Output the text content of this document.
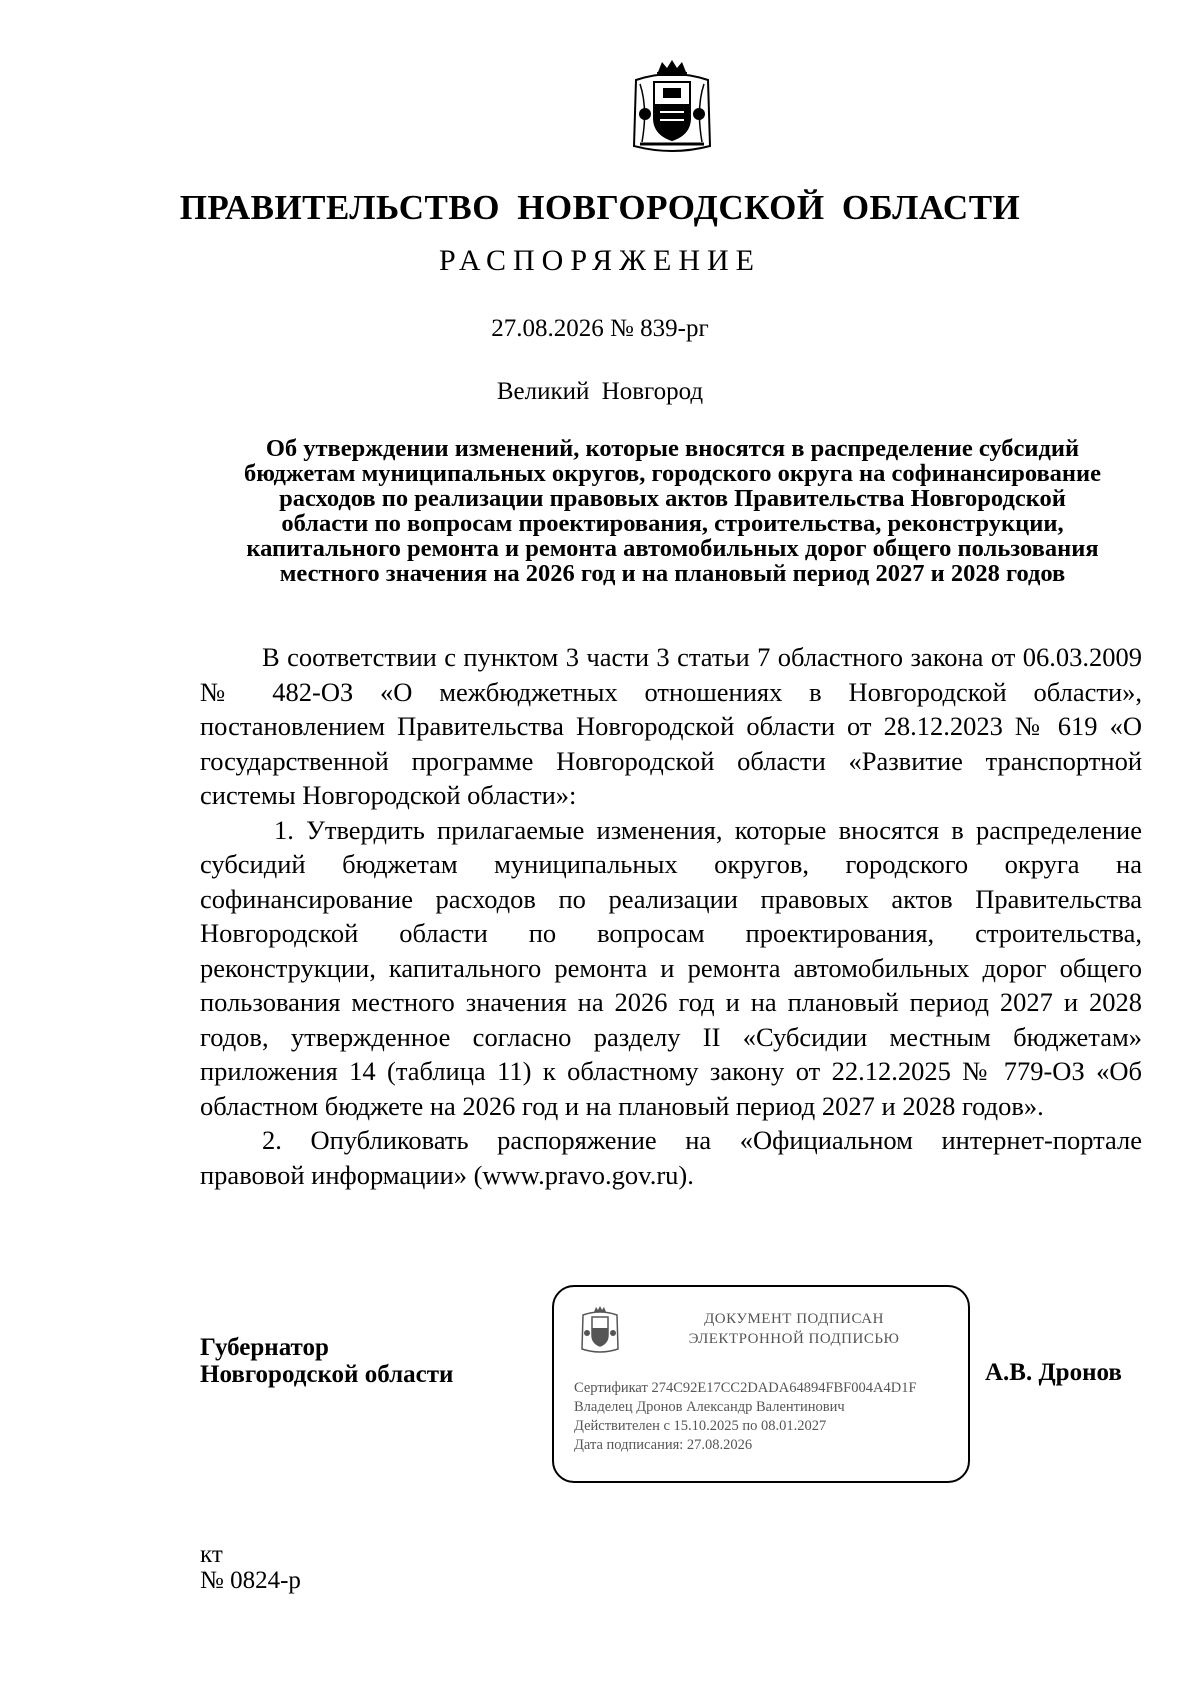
ПРАВИТЕЛЬСТВО НОВГОРОДСКОЙ ОБЛАСТИ
РАСПОРЯЖЕНИЕ
27.08.2026 № 839-рг
Великий Новгород
Об утверждении изменений, которые вносятся в распределение субсидий
бюджетам муниципальных округов, городского округа на софинансирование
расходов по реализации правовых актов Правительства Новгородской
области по вопросам проектирования, строительства, реконструкции,
капитального ремонта и ремонта автомобильных дорог общего пользования
местного значения на 2026 год и на плановый период 2027 и 2028 годов

В соответствии с пунктом 3 части 3 статьи 7 областного закона от 06.03.2009 № 482-ОЗ «О межбюджетных отношениях в Новгородской области», постановлением Правительства Новгородской области от 28.12.2023 № 619 «О государственной программе Новгородской области «Развитие транспортной системы Новгородской области»:

1. Утвердить прилагаемые изменения, которые вносятся в распределение субсидий бюджетам муниципальных округов, городского округа на софинансирование расходов по реализации правовых актов Правительства Новгородской области по вопросам проектирования, строительства, реконструкции, капитального ремонта и ремонта автомобильных дорог общего пользования местного значения на 2026 год и на плановый период 2027 и 2028 годов, утвержденное согласно разделу II «Субсидии местным бюджетам» приложения 14 (таблица 11) к областному закону от 22.12.2025 № 779-ОЗ «Об областном бюджете на 2026 год и на плановый период 2027 и 2028 годов».

2. Опубликовать распоряжение на «Официальном интернет-портале правовой информации» (www.pravo.gov.ru).

Губернатор
Новгородской области
ДОКУМЕНТ ПОДПИСАН
ЭЛЕКТРОННОЙ ПОДПИСЬЮ
Сертификат 274C92E17CC2DADA64894FBF004A4D1F
Владелец Дронов Александр Валентинович
Действителен с 15.10.2025 по 08.01.2027
Дата подписания: 27.08.2026
А.В. Дронов
кт
№ 0824-р
